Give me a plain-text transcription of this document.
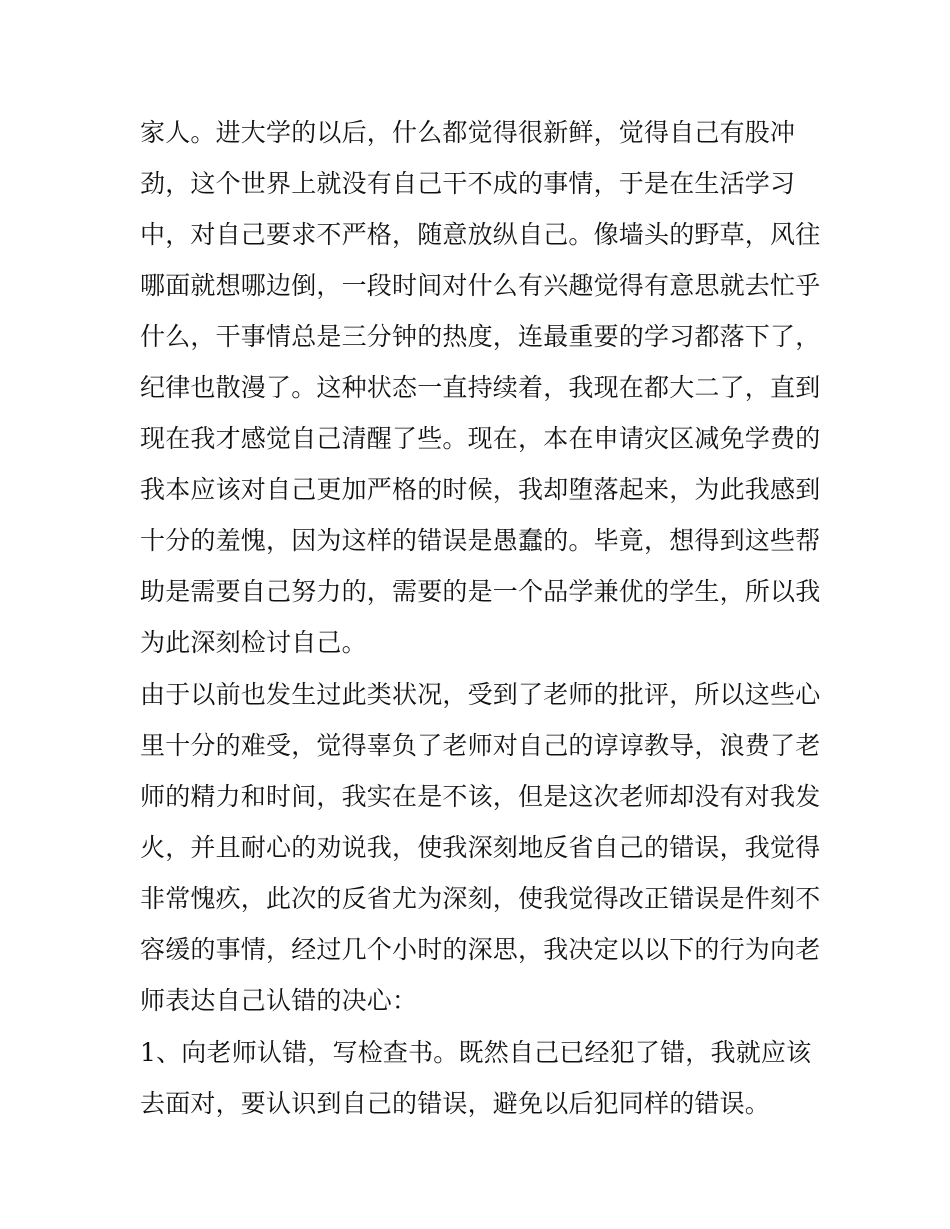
家人。进大学的以后，什么都觉得很新鲜，觉得自己有股冲
劲，这个世界上就没有自己干不成的事情，于是在生活学习
中，对自己要求不严格，随意放纵自己。像墙头的野草，风往
哪面就想哪边倒，一段时间对什么有兴趣觉得有意思就去忙乎
什么，干事情总是三分钟的热度，连最重要的学习都落下了，
纪律也散漫了。这种状态一直持续着，我现在都大二了，直到
现在我才感觉自己清醒了些。现在，本在申请灾区减免学费的
我本应该对自己更加严格的时候，我却堕落起来，为此我感到
十分的羞愧，因为这样的错误是愚蠢的。毕竟，想得到这些帮
助是需要自己努力的，需要的是一个品学兼优的学生，所以我
为此深刻检讨自己。
由于以前也发生过此类状况，受到了老师的批评，所以这些心
里十分的难受，觉得辜负了老师对自己的谆谆教导，浪费了老
师的精力和时间，我实在是不该，但是这次老师却没有对我发
火，并且耐心的劝说我，使我深刻地反省自己的错误，我觉得
非常愧疚，此次的反省尤为深刻，使我觉得改正错误是件刻不
容缓的事情，经过几个小时的深思，我决定以以下的行为向老
师表达自己认错的决心：
1、向老师认错，写检查书。既然自己已经犯了错，我就应该
去面对，要认识到自己的错误，避免以后犯同样的错误。
